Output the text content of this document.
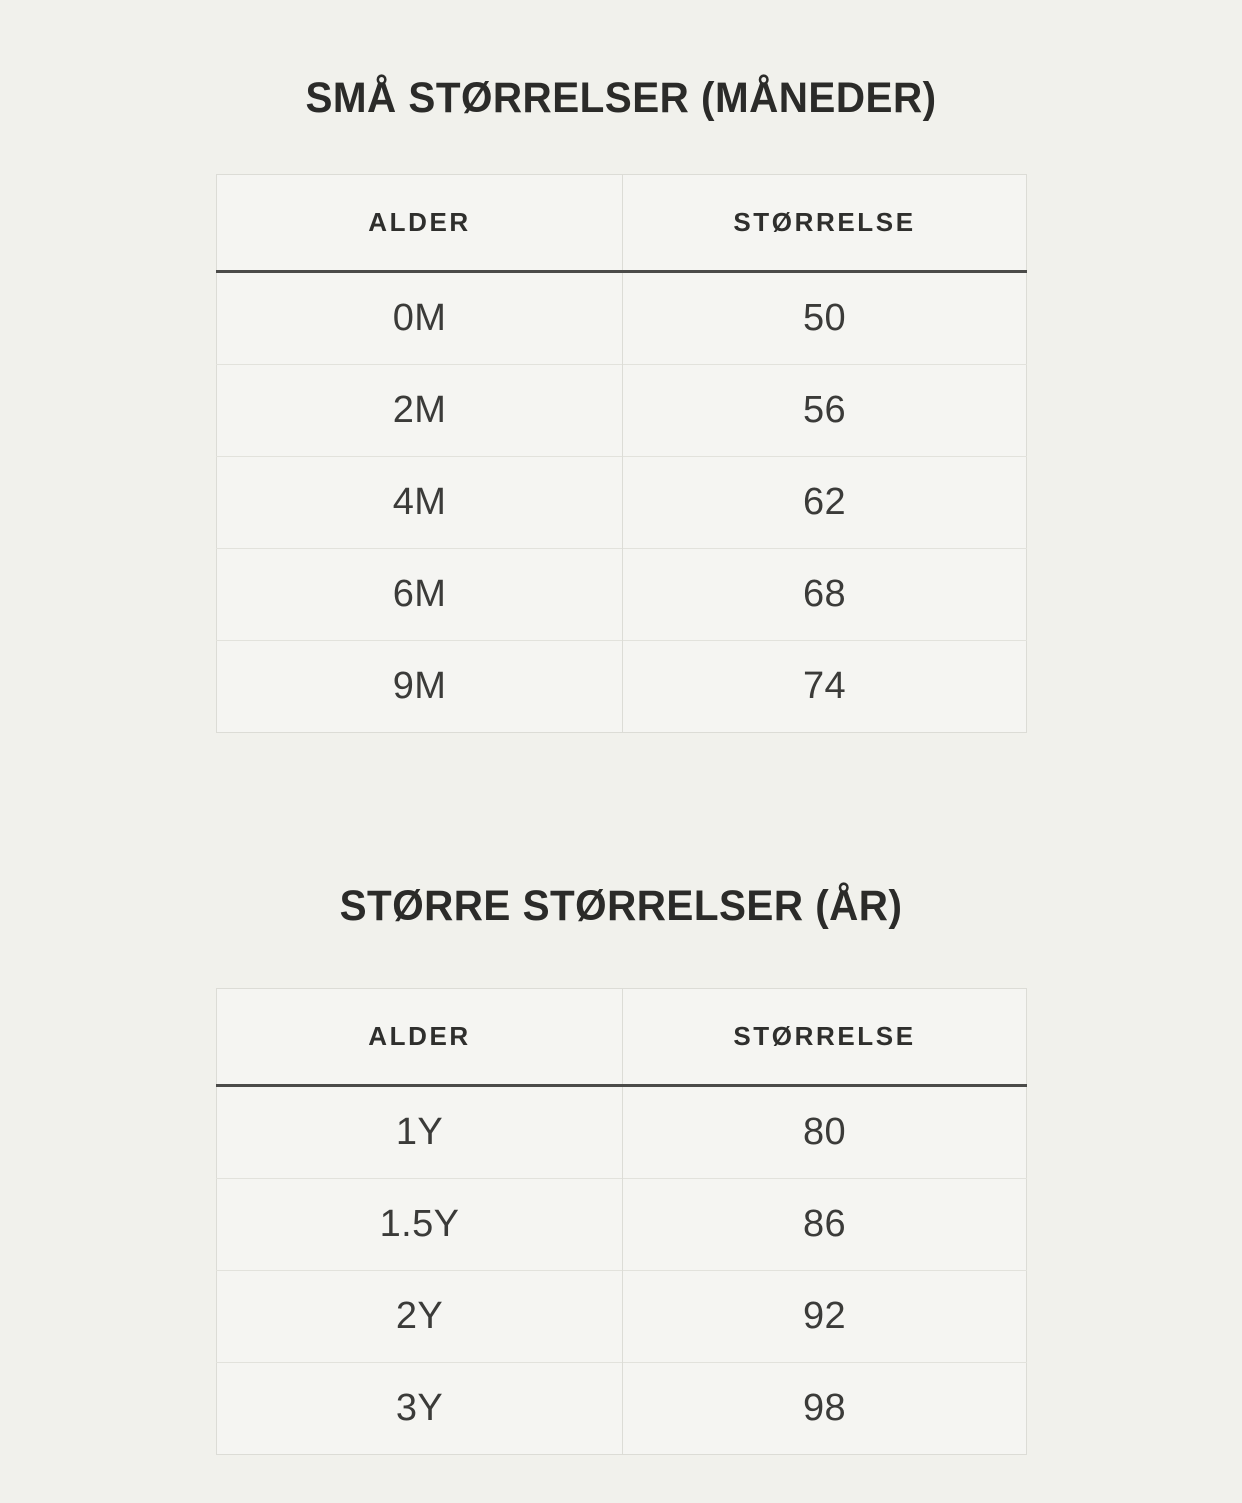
SMÅ STØRRELSER (MÅNEDER)
ALDER	STØRRELSE
0M	50
2M	56
4M	62
6M	68
9M	74
STØRRE STØRRELSER (ÅR)
ALDER	STØRRELSE
1Y	80
1.5Y	86
2Y	92
3Y	98
